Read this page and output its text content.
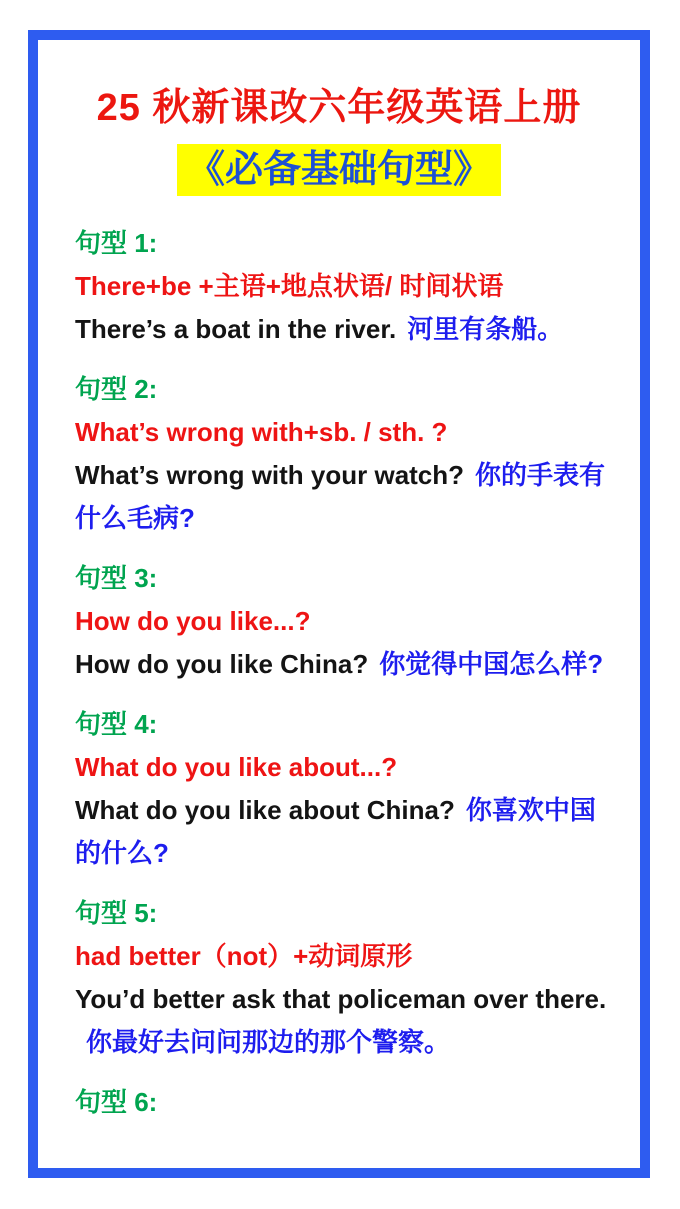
25 秋新课改六年级英语上册
《必备基础句型》
句型 1:
There+be +主语+地点状语/ 时间状语
There’s a boat in the river. 河里有条船。
句型 2:
What’s wrong with+sb. / sth. ?
What’s wrong with your watch? 你的手表有什么毛病?
句型 3:
How do you like...?
How do you like China? 你觉得中国怎么样?
句型 4:
What do you like about...?
What do you like about China? 你喜欢中国的什么?
句型 5:
had better（not）+动词原形
You’d better ask that policeman over there.你最好去问问那边的那个警察。
句型 6:
